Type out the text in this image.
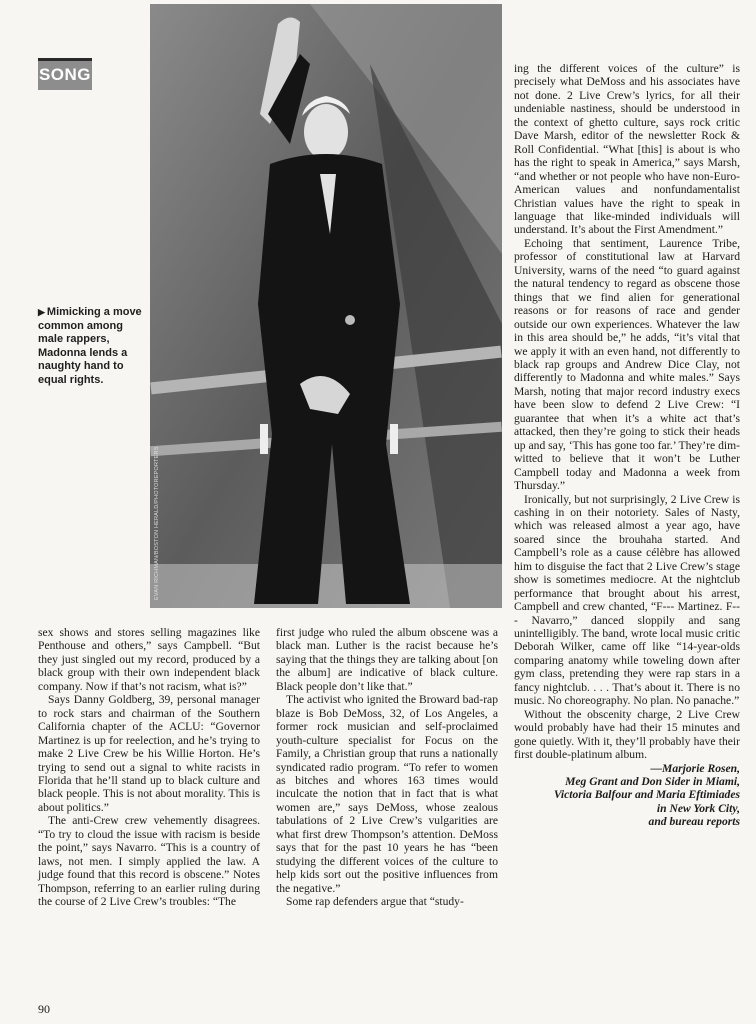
SONG
EVAN RICHMAN/BOSTON HERALD/PHOTOREPORTERS
▶ Mimicking a move common among male rappers, Madonna lends a naughty hand to equal rights.

sex shows and stores selling magazines like Penthouse and others,” says Campbell. “But they just singled out my record, produced by a black group with their own independent black company. Now if that’s not racism, what is?”

Says Danny Goldberg, 39, personal manager to rock stars and chairman of the Southern California chapter of the ACLU: “Governor Martinez is up for reelection, and he’s trying to make 2 Live Crew be his Willie Horton. He’s trying to send out a signal to white racists in Florida that he’ll stand up to black culture and black people. This is not about morality. This is about politics.”

The anti-Crew crew vehemently disagrees. “To try to cloud the issue with racism is beside the point,” says Navarro. “This is a country of laws, not men. I simply applied the law. A judge found that this record is obscene.” Notes Thompson, referring to an earlier ruling during the course of 2 Live Crew’s troubles: “The

first judge who ruled the album obscene was a black man. Luther is the racist because he’s saying that the things they are talking about [on the album] are indicative of black culture. Black people don’t like that.”

The activist who ignited the Broward bad-rap blaze is Bob DeMoss, 32, of Los Angeles, a former rock musician and self-proclaimed youth-culture specialist for Focus on the Family, a Christian group that runs a nationally syndicated radio program. “To refer to women as bitches and whores 163 times would inculcate the notion that in fact that is what women are,” says DeMoss, whose zealous tabulations of 2 Live Crew’s vulgarities are what first drew Thompson’s attention. DeMoss says that for the past 10 years he has “been studying the different voices of the culture to help kids sort out the positive influences from the negative.”

Some rap defenders argue that “study-

ing the different voices of the culture” is precisely what DeMoss and his associates have not done. 2 Live Crew’s lyrics, for all their undeniable nastiness, should be understood in the context of ghetto culture, says rock critic Dave Marsh, editor of the newsletter Rock & Roll Confidential. “What [this] is about is who has the right to speak in America,” says Marsh, “and whether or not people who have non-Euro-American values and nonfundamentalist Christian values have the right to speak in language that like-minded individuals will understand. It’s about the First Amendment.”

Echoing that sentiment, Laurence Tribe, professor of constitutional law at Harvard University, warns of the need “to guard against the natural tendency to regard as obscene those things that we find alien for generational reasons or for reasons of race and gender outside our own experiences. Whatever the law in this area should be,” he adds, “it’s vital that we apply it with an even hand, not differently to black rap groups and Andrew Dice Clay, not differently to Madonna and white males.” Says Marsh, noting that major record industry execs have been slow to defend 2 Live Crew: “I guarantee that when it’s a white act that’s attacked, then they’re going to stick their heads up and say, ‘This has gone too far.’ They’re dim-witted to believe that it won’t be Luther Campbell today and Madonna a week from Thursday.”

Ironically, but not surprisingly, 2 Live Crew is cashing in on their notoriety. Sales of Nasty, which was released almost a year ago, have soared since the brouhaha started. And Campbell’s role as a cause célèbre has allowed him to disguise the fact that 2 Live Crew’s stage show is sometimes mediocre. At the nightclub performance that brought about his arrest, Campbell and crew chanted, “F--- Martinez. F--- Navarro,” danced sloppily and sang unintelligibly. The band, wrote local music critic Deborah Wilker, came off like “14-year-olds comparing anatomy while toweling down after gym class, pretending they were rap stars in a fancy nightclub. . . . That’s about it. There is no music. No choreography. No plan. No panache.”

Without the obscenity charge, 2 Live Crew would probably have had their 15 minutes and gone quietly. With it, they’ll probably have their first double-platinum album.

—Marjorie Rosen,
Meg Grant and Don Sider in Miami,
Victoria Balfour and Maria Eftimiades
in New York City,
and bureau reports
90
